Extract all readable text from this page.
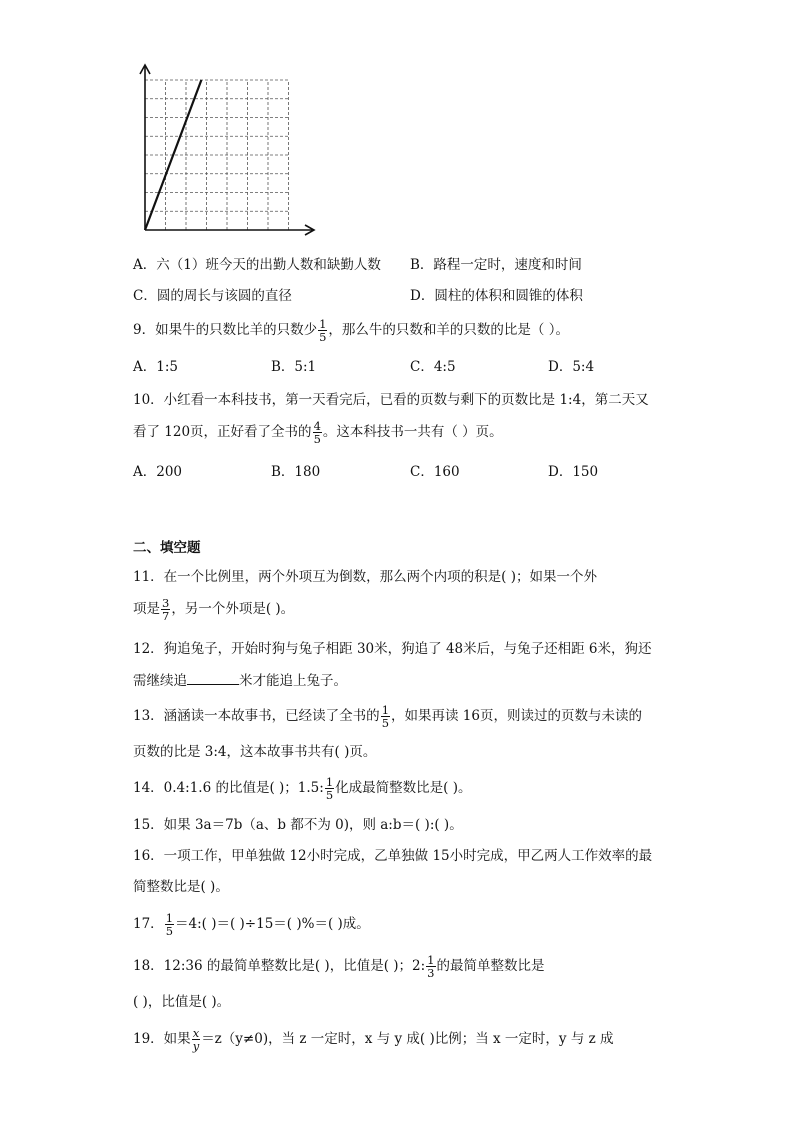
A．六（1）班今天的出勤人数和缺勤人数 B．路程一定时，速度和时间
C．圆的周长与该圆的直径	D．圆柱的体积和圆锥的体积
9．如果牛的只数比羊的只数少 $\frac{1}{5}$ ，那么牛的只数和羊的只数的比是（ ）。
A．1:5	B．5:1	C．4:5	D．5:4
10．小红看一本科技书，第一天看完后，已看的页数与剩下的页数比是 1:4，第二天又
看了 120页，正好看了全书的 $\frac{4}{5}$ 。这本科技书一共有（ ）页。
A．200	B．180	C．160	D．150
二、填空题
11．在一个比例里，两个外项互为倒数，那么两个内项的积是( )；如果一个外
项是 $\frac{3}{7}$ ，另一个外项是( )。
12．狗追兔子，开始时狗与兔子相距 30米，狗追了 48米后，与兔子还相距 6米，狗还
需继续追	米才能追上兔子。
13．涵涵读一本故事书，已经读了全书的 $\frac{1}{5}$ ，如果再读 16页，则读过的页数与未读的
页数的比是 3:4，这本故事书共有( )页。
14．0.4:1.6 的比值是( )；1.5: $\frac{1}{5}$ 化成最简整数比是( )。
15．如果 3a＝7b（a、b 都不为 0)，则 a:b＝( ):( )。
16．一项工作，甲单独做 12小时完成，乙单独做 15小时完成，甲乙两人工作效率的最
简整数比是( )。
17． $\frac{1}{5}$ ＝4:( )＝( )÷15＝( )%＝( )成。
18．12:36 的最简单整数比是( )，比值是( )；2: $\frac{1}{3}$ 的最简单整数比是
( )，比值是( )。
19．如果 $\frac{x}{y} =z(y\ne 0)$，当 z 一定时，x 与 y 成( )比例；当 x 一定时，y 与 z 成
